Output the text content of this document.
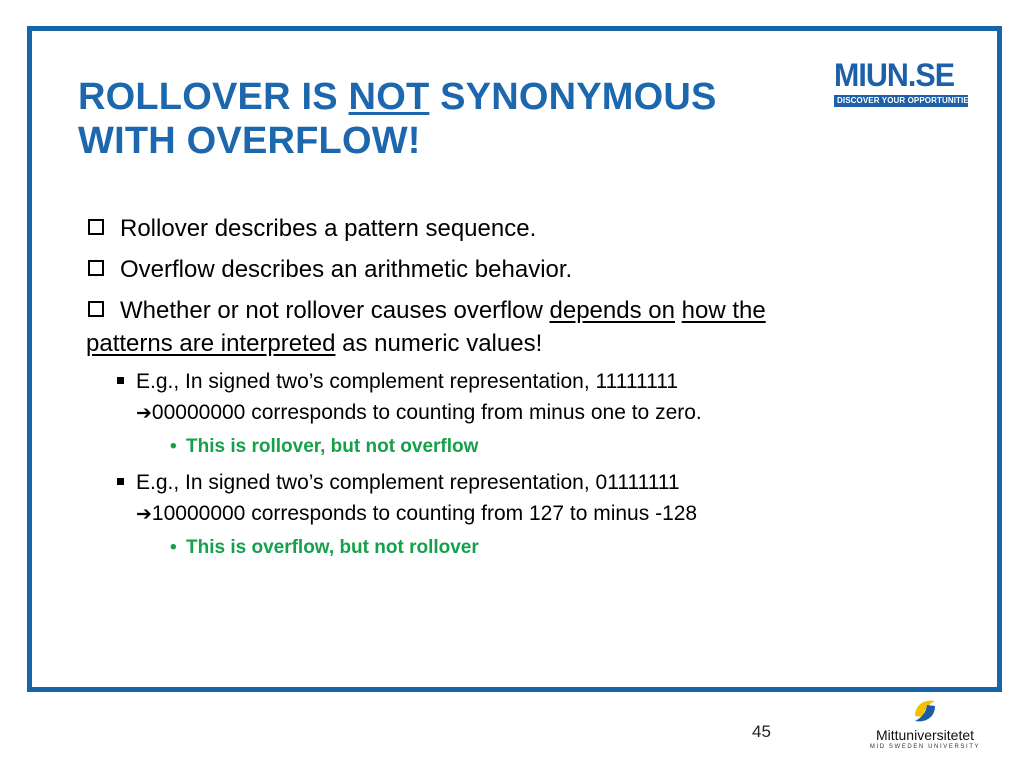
ROLLOVER IS NOT SYNONYMOUS WITH OVERFLOW!
MIUN.SE
DISCOVER YOUR OPPORTUNITIES
Rollover describes a pattern sequence.
Overflow describes an arithmetic behavior.
Whether or not rollover causes overflow depends on how the patterns are interpreted as numeric values!
E.g., In signed two’s complement representation, 11111111
➔00000000 corresponds to counting from minus one to zero.
• This is rollover, but not overflow
E.g., In signed two’s complement representation, 01111111
➔10000000 corresponds to counting from 127 to minus -128
• This is overflow, but not rollover
45	Mittuniversitetet
MID SWEDEN UNIVERSITY
